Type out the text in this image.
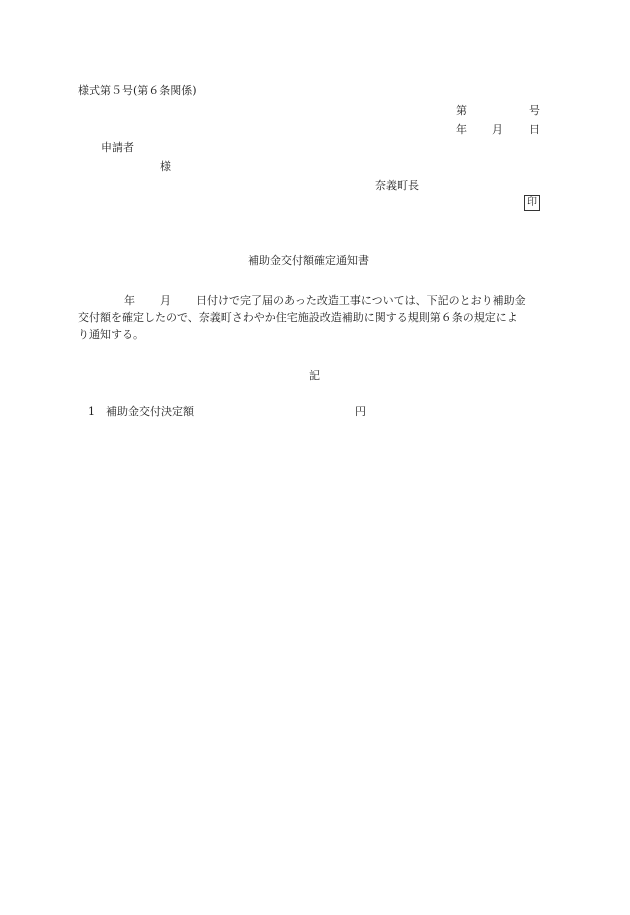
様式第５号(第６条関係)
第	号
年 月 日
申請者
様
奈義町長
印
補助金交付額確定通知書
年 月 日付けで完了届のあった改造工事については、下記のとおり補助金
交付額を確定したので、奈義町さわやか住宅施設改造補助に関する規則第６条の規定によ
り通知する。
記
1 補助金交付決定額	円
